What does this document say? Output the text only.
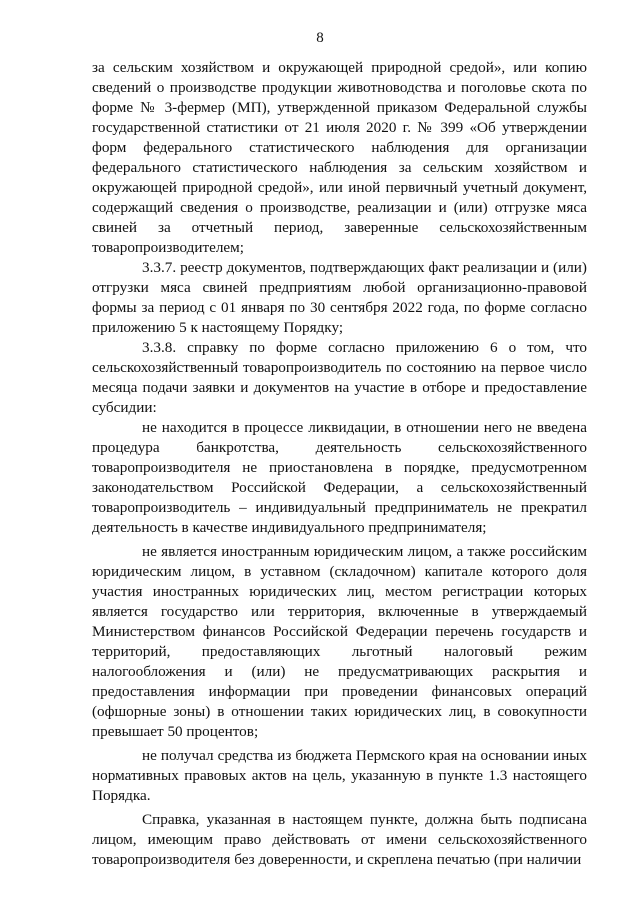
8

за сельским хозяйством и окружающей природной средой», или копию сведений о производстве продукции животноводства и поголовье скота по форме № 3-фермер (МП), утвержденной приказом Федеральной службы государственной статистики от 21 июля 2020 г. № 399 «Об утверждении форм федерального статистического наблюдения для организации федерального статистического наблюдения за сельским хозяйством и окружающей природной средой», или иной первичный учетный документ, содержащий сведения о производстве, реализации и (или) отгрузке мяса свиней за отчетный период, заверенные сельскохозяйственным товаропроизводителем;

3.3.7. реестр документов, подтверждающих факт реализации и (или) отгрузки мяса свиней предприятиям любой организационно-правовой формы за период с 01 января по 30 сентября 2022 года, по форме согласно приложению 5 к настоящему Порядку;

3.3.8. справку по форме согласно приложению 6 о том, что сельскохозяйственный товаропроизводитель по состоянию на первое число месяца подачи заявки и документов на участие в отборе и предоставление субсидии:

не находится в процессе ликвидации, в отношении него не введена процедура банкротства, деятельность сельскохозяйственного товаропроизводителя не приостановлена в порядке, предусмотренном законодательством Российской Федерации, а сельскохозяйственный товаропроизводитель – индивидуальный предприниматель не прекратил деятельность в качестве индивидуального предпринимателя;

не является иностранным юридическим лицом, а также российским юридическим лицом, в уставном (складочном) капитале которого доля участия иностранных юридических лиц, местом регистрации которых является государство или территория, включенные в утверждаемый Министерством финансов Российской Федерации перечень государств и территорий, предоставляющих льготный налоговый режим налогообложения и (или) не предусматривающих раскрытия и предоставления информации при проведении финансовых операций (офшорные зоны) в отношении таких юридических лиц, в совокупности превышает 50 процентов;

не получал средства из бюджета Пермского края на основании иных нормативных правовых актов на цель, указанную в пункте 1.3 настоящего Порядка.

Справка, указанная в настоящем пункте, должна быть подписана лицом, имеющим право действовать от имени сельскохозяйственного товаропроизводителя без доверенности, и скреплена печатью (при наличии
